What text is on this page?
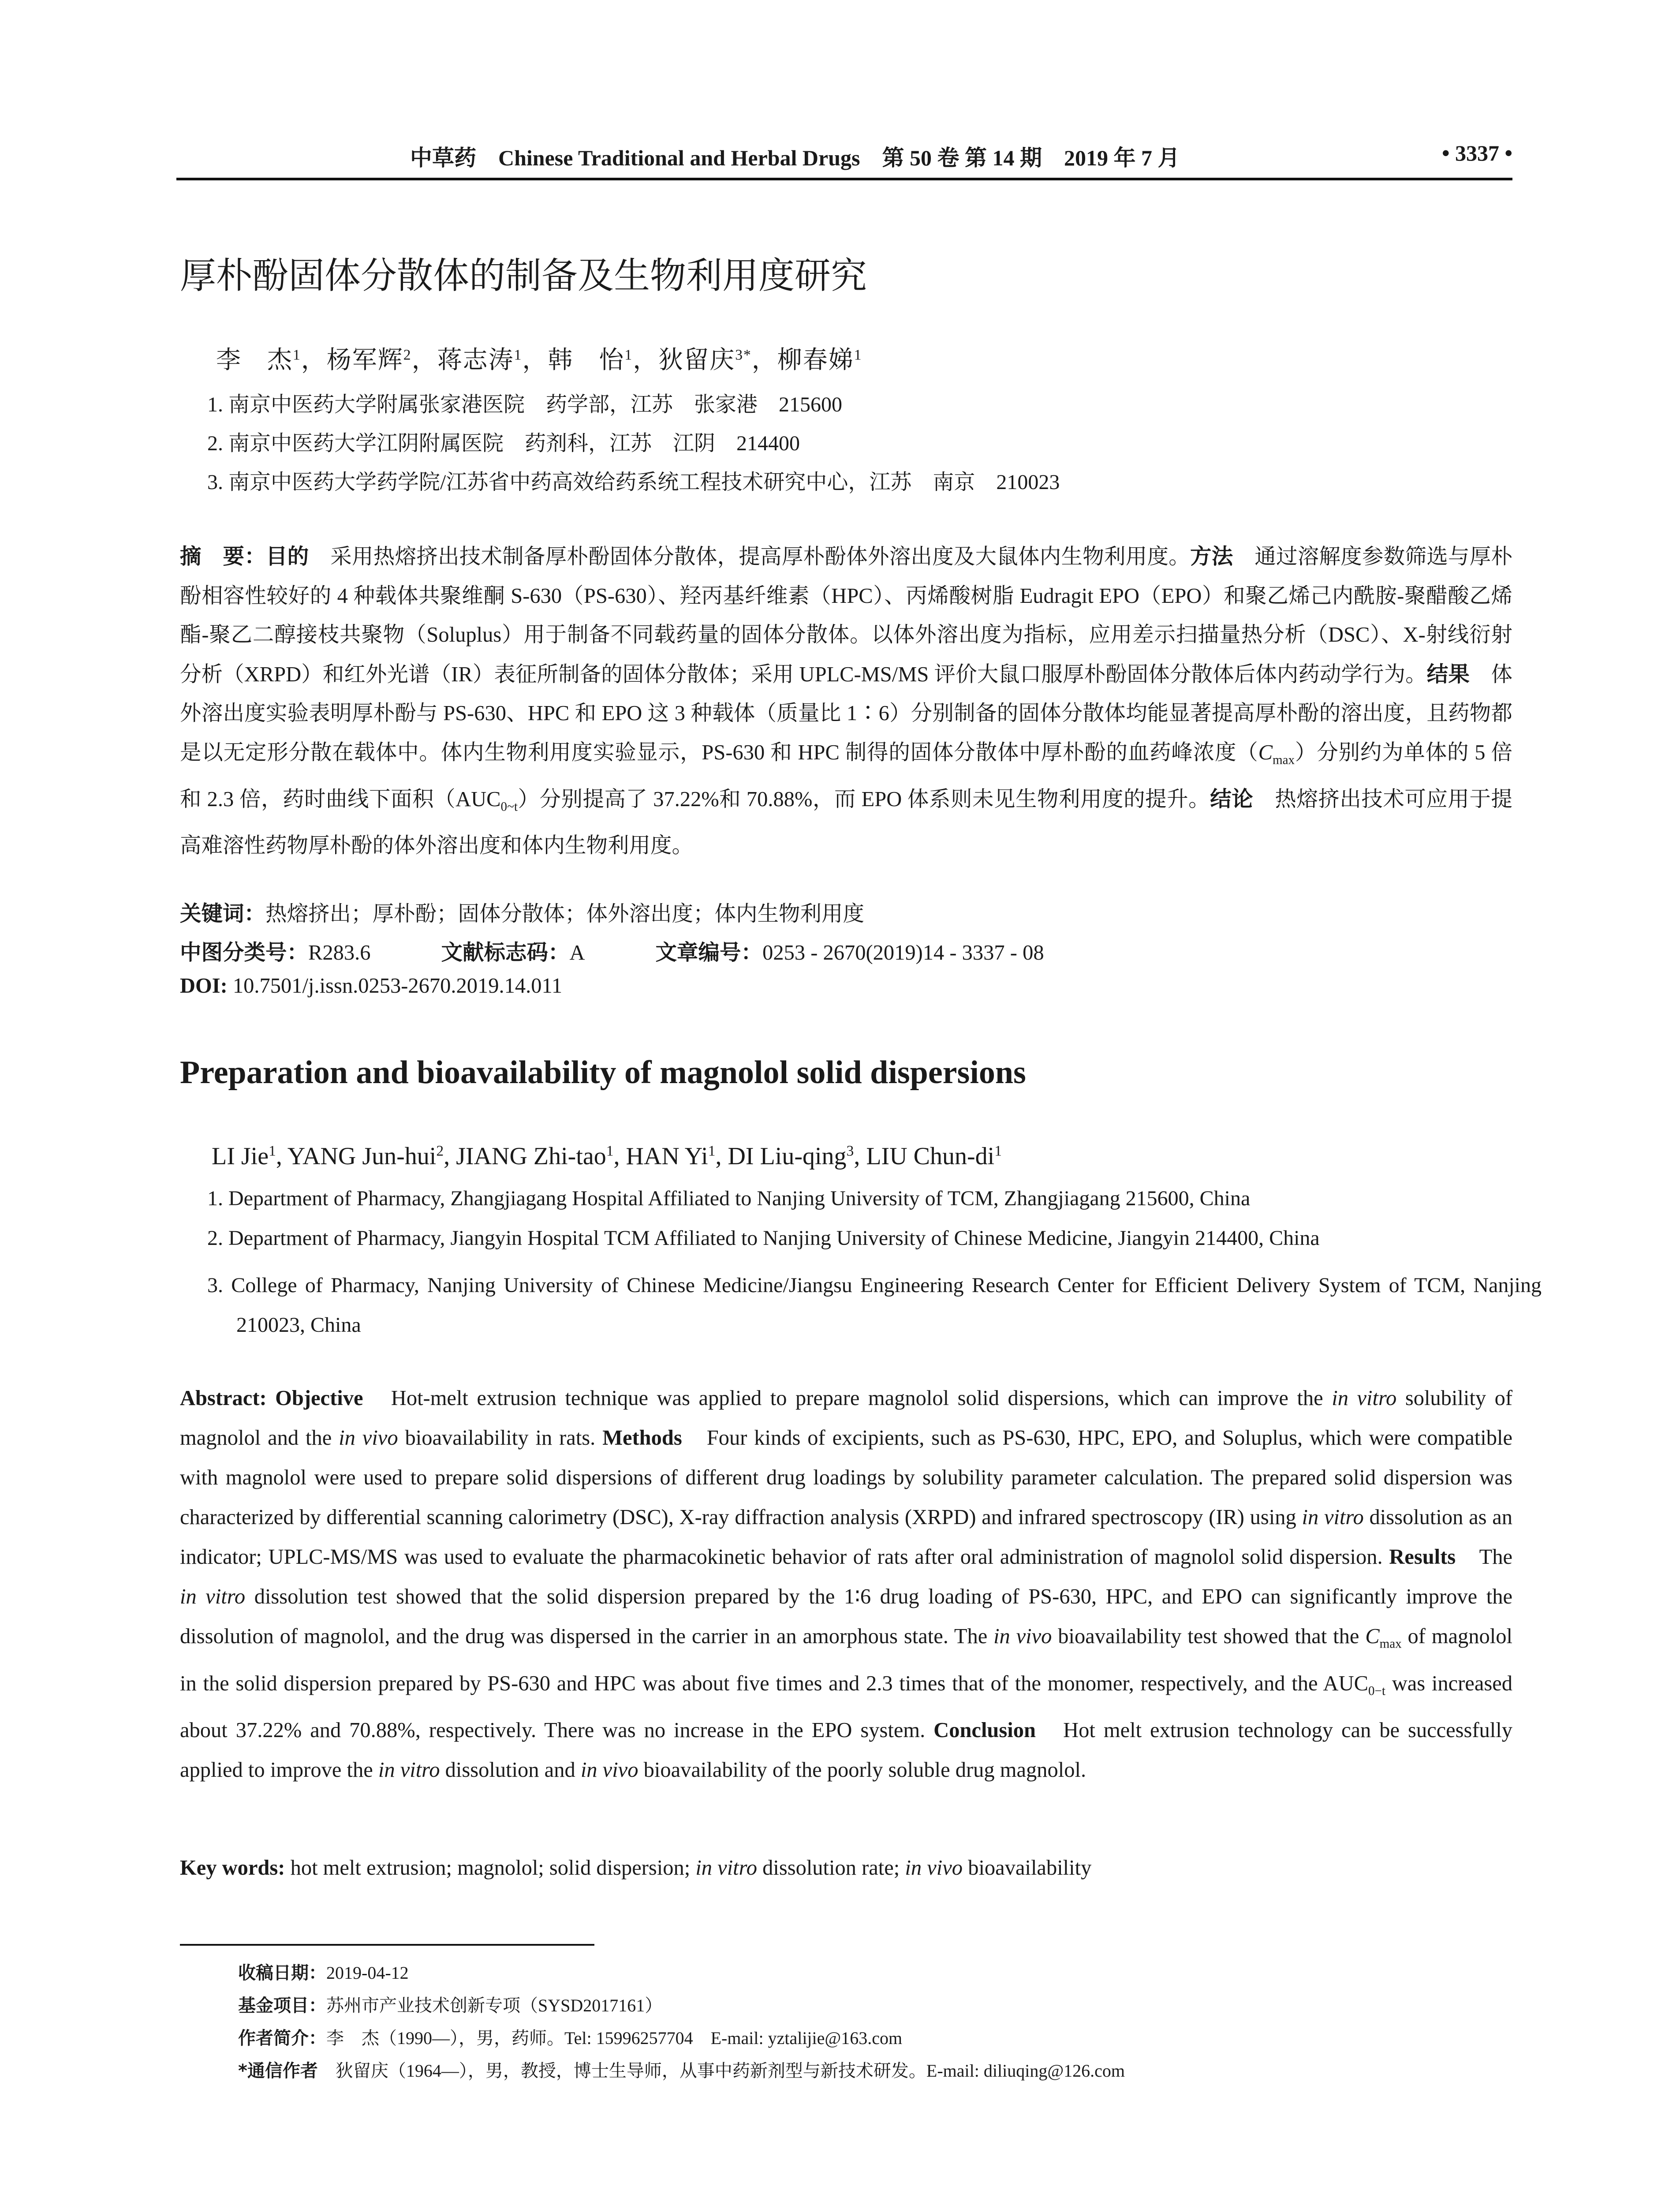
中草药　 Chinese Traditional and Herbal Drugs　第 50 卷 第 14 期　2019 年 7 月	• 3337 •
厚朴酚固体分散体的制备及生物利用度研究
李　杰$^1$，杨军辉$^2$，蒋志涛$^1$，韩　怡$^1$，狄留庆$^{3*}$，柳春娣$^1$
1. 南京中医药大学附属张家港医院　药学部，江苏　张家港　215600
2. 南京中医药大学江阴附属医院　药剂科，江苏　江阴　214400
3. 南京中医药大学药学院/江苏省中药高效给药系统工程技术研究中心，江苏　南京　210023
摘　要：目的　采用热熔挤出技术制备厚朴酚固体分散体，提高厚朴酚体外溶出度及大鼠体内生物利用度。方法　通过溶解度参数筛选与厚朴酚相容性较好的 4 种载体共聚维酮 S-630（PS-630）、羟丙基纤维素（HPC）、丙烯酸树脂 Eudragit EPO（EPO）和聚乙烯己内酰胺-聚醋酸乙烯酯-聚乙二醇接枝共聚物（Soluplus）用于制备不同载药量的固体分散体。以体外溶出度为指标，应用差示扫描量热分析（DSC）、X-射线衍射分析（XRPD）和红外光谱（IR）表征所制备的固体分散体；采用 UPLC-MS/MS 评价大鼠口服厚朴酚固体分散体后体内药动学行为。结果　体外溶出度实验表明厚朴酚与 PS-630、HPC 和 EPO 这 3 种载体（质量比 1∶6）分别制备的固体分散体均能显著提高厚朴酚的溶出度，且药物都是以无定形分散在载体中。体内生物利用度实验显示，PS-630 和 HPC 制得的固体分散体中厚朴酚的血药峰浓度$(C_{max})$分别约为单体的 5 倍和 2.3 倍，药时曲线下面积$(AUC_{0\sim t})$分别提高了 37.22%和 70.88%，而 EPO 体系则未见生物利用度的提升。结论　热熔挤出技术可应用于提高难溶性药物厚朴酚的体外溶出度和体内生物利用度。
关键词：热熔挤出；厚朴酚；固体分散体；体外溶出度；体内生物利用度
中图分类号：R283.6	文献标志码：A	文章编号：0253 - 2670(2019)14 - 3337 - 08
DOI: 10.7501/j.issn.0253-2670.2019.14.011
Preparation and bioavailability of magnolol solid dispersions
LI Jie$^1$, YANG Jun-hui$^2$, JIANG Zhi-tao$^1$, HAN Yi$^1$, DI Liu-qing$^3$, LIU Chun-$di^1$
1. Department of Pharmacy, Zhangjiagang Hospital Affiliated to Nanjing University of TCM, Zhangjiagang 215600, China
2. Department of Pharmacy, Jiangyin Hospital TCM Affiliated to Nanjing University of Chinese Medicine, Jiangyin 214400, China
3. College of Pharmacy, Nanjing University of Chinese Medicine/Jiangsu Engineering Research Center for Efficient Delivery System of TCM, Nanjing 210023, China
Abstract: Objective　Hot-melt extrusion technique was applied to prepare magnolol solid dispersions, which can improve the in vitro solubility of magnolol and the in vivo bioavailability in rats. Methods　Four kinds of excipients, such as PS-630, HPC, EPO, and Soluplus, which were compatible with magnolol were used to prepare solid dispersions of different drug loadings by solubility parameter calculation. The prepared solid dispersion was characterized by differential scanning calorimetry (DSC), X-ray diffraction analysis (XRPD) and infrared spectroscopy (IR) using in vitro dissolution as an indicator; UPLC-MS/MS was used to evaluate the pharmacokinetic behavior of rats after oral administration of magnolol solid dispersion. Results　The in vitro dissolution test showed that the solid dispersion prepared by the 1∶6 drug loading of PS-630, HPC, and EPO can significantly improve the dissolution of magnolol, and the drug was dispersed in the carrier in an amorphous state. The in vivo bioavailability test showed that the $C_{max}$ of magnolol in the solid dispersion prepared by PS-630 and HPC was about five times and 2.3 times that of the monomer, respectively, and the $AUC_{0-t}$ was increased about 37.22% and 70.88%, respectively. There was no increase in the EPO system. Conclusion　Hot melt extrusion technology can be successfully applied to improve the in vitro dissolution and in vivo bioavailability of the poorly soluble drug magnolol.
Key words: hot melt extrusion; magnolol; solid dispersion; in vitro dissolution rate; in vivo bioavailability
收稿日期：2019-04-12
基金项目：苏州市产业技术创新专项（SYSD2017161）
作者简介：李　杰（1990—），男，药师。Tel: 15996257704　E-mail: yztalijie@163.com
*通信作者　狄留庆（1964—），男，教授，博士生导师，从事中药新剂型与新技术研发。E-mail: diliuqing@126.com
